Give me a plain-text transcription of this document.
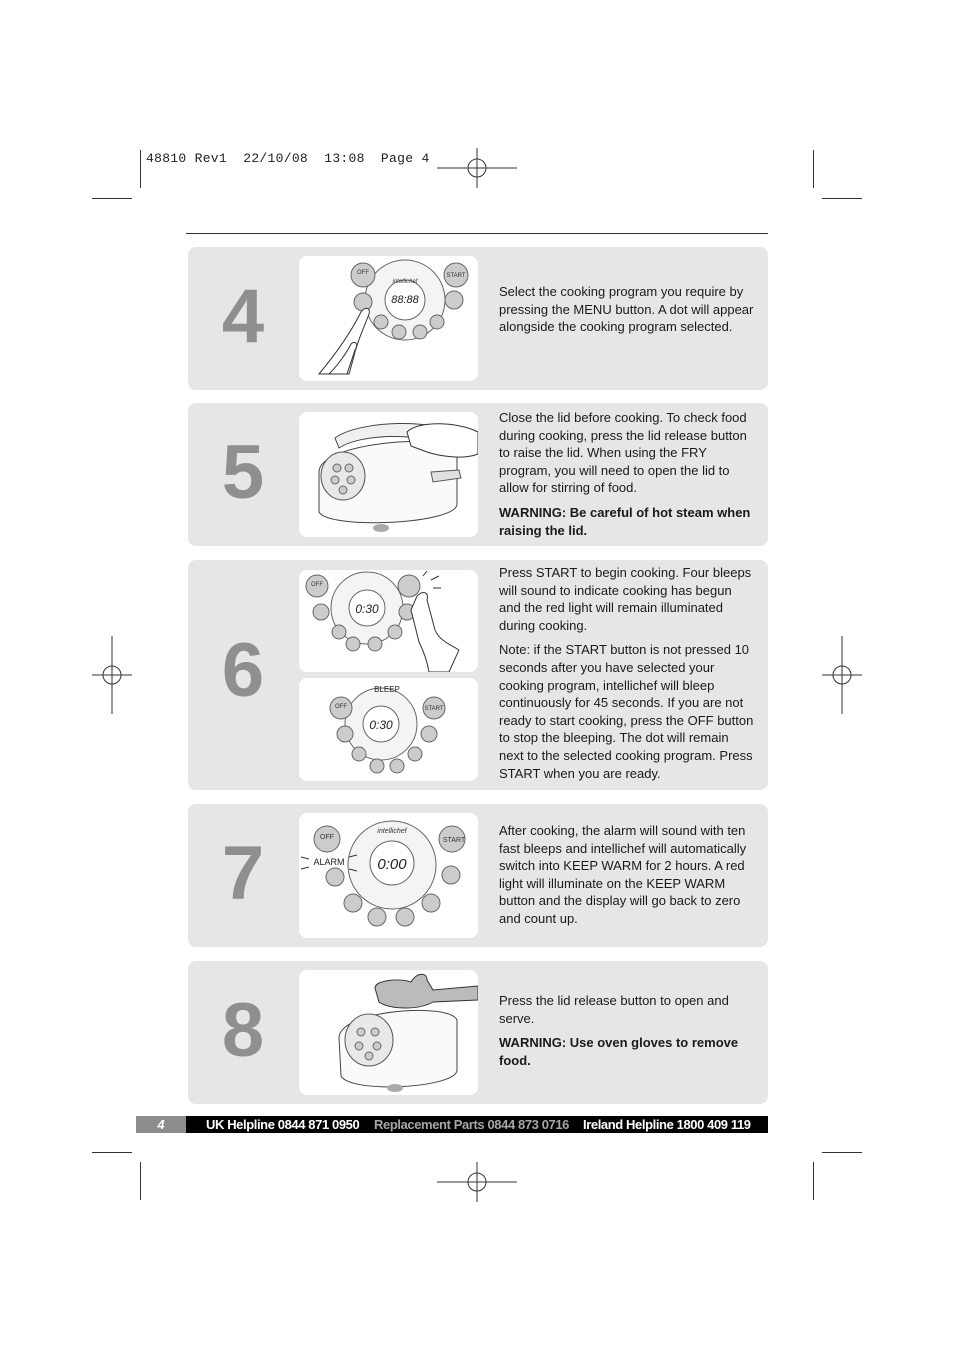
48810 Rev1  22/10/08  13:08  Page 4
4	intellichef
88:88
OFF	START

Select the cooking program you require by pressing the MENU button. A dot will appear alongside the cooking program selected.

5

Close the lid before cooking. To check food during cooking, press the lid release button to raise the lid. When using the FRY program, you will need to open the lid to allow for stirring of food.

WARNING: Be careful of hot steam when raising the lid.

6
0:30
OFF
0:30
BLEEP
OFF	START

Press START to begin cooking. Four bleeps will sound to indicate cooking has begun and the red light will remain illuminated during cooking.

Note: if the START button is not pressed 10 seconds after you have selected your cooking program, intellichef will bleep continuously for 45 seconds. If you are not ready to start cooking, press the OFF button to stop the bleeping. The dot will remain next to the selected cooking program. Press START when you are ready.

7	intellichef
0:00
OFF
ALARM
START

After cooking, the alarm will sound with ten fast bleeps and intellichef will automatically switch into KEEP WARM for 2 hours. A red light will illuminate on the KEEP WARM button and the display will go back to zero and count up.

8	Press the lid release button to open and serve.

WARNING: Use oven gloves to remove food.

4	UK Helpline 0844 871 0950 Replacement Parts 0844 873 0716 Ireland Helpline 1800 409 119
